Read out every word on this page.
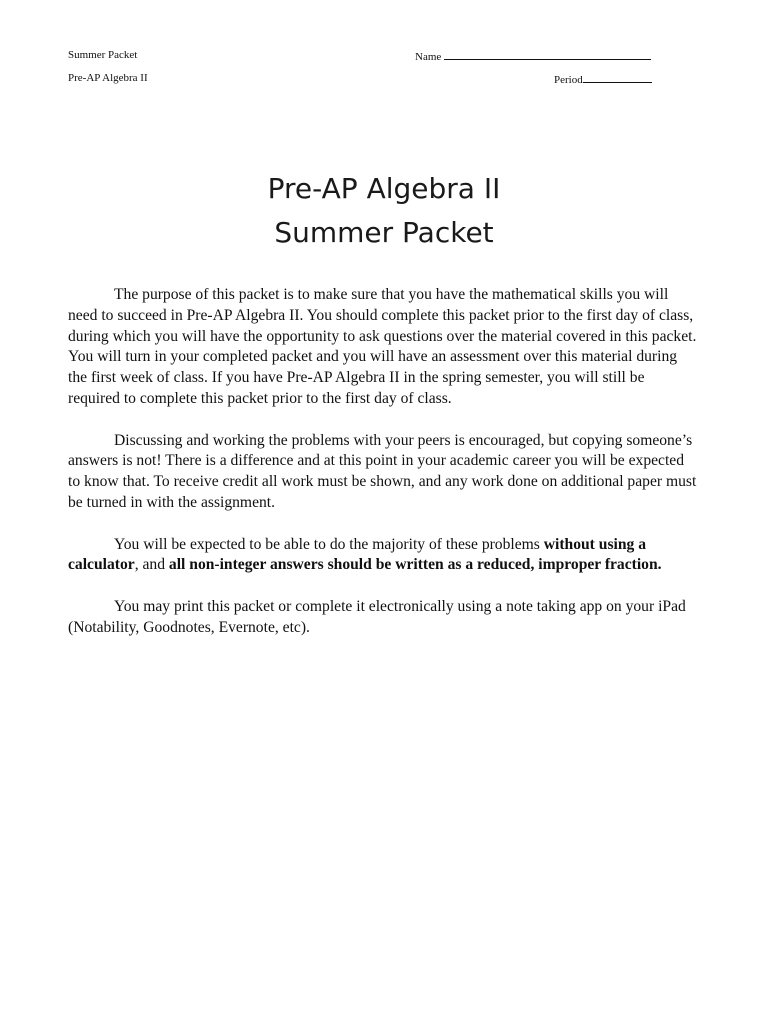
Summer Packet
Pre-AP Algebra II
Name
Period
Pre-AP Algebra II
Summer Packet

The purpose of this packet is to make sure that you have the mathematical skills you will need to succeed in Pre-AP Algebra II. You should complete this packet prior to the first day of class, during which you will have the opportunity to ask questions over the material covered in this packet. You will turn in your completed packet and you will have an assessment over this material during the first week of class. If you have Pre-AP Algebra II in the spring semester, you will still be required to complete this packet prior to the first day of class.

Discussing and working the problems with your peers is encouraged, but copying someone’s answers is not! There is a difference and at this point in your academic career you will be expected to know that. To receive credit all work must be shown, and any work done on additional paper must be turned in with the assignment.

You will be expected to be able to do the majority of these problems without using a calculator, and all non-integer answers should be written as a reduced, improper fraction.

You may print this packet or complete it electronically using a note taking app on your iPad (Notability, Goodnotes, Evernote, etc).
